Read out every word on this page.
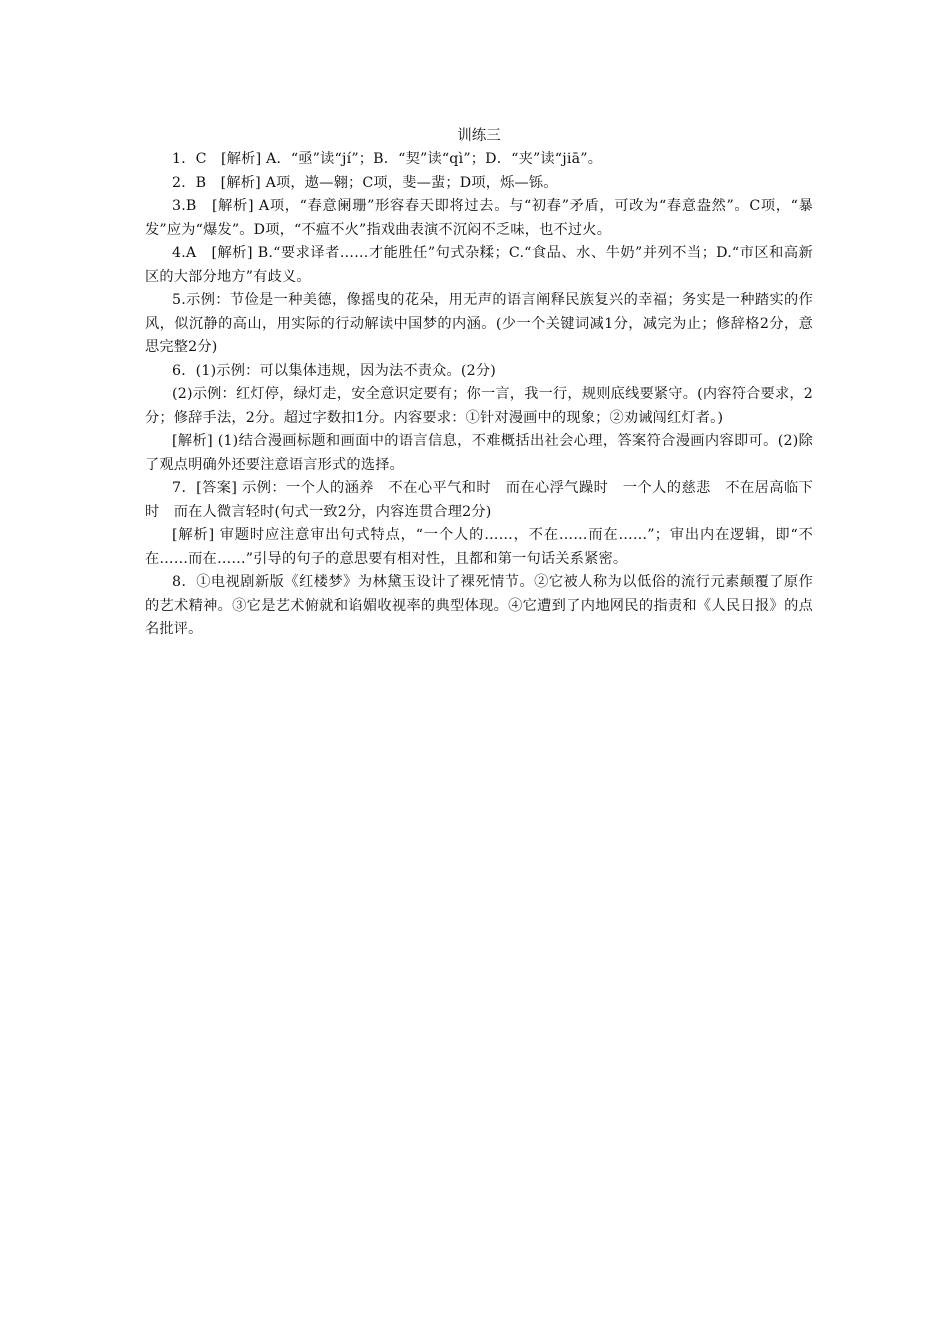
训练三

1．C　[解析] A．“亟”读“jí”；B．“契”读“qì”；D．“夹”读“jiā”。

2．B　[解析] A项，遨—翱；C项，斐—蜚；D项，烁—铄。

3.B　[解析] A项，“春意阑珊”形容春天即将过去。与“初春”矛盾，可改为“春意盎然”。C项，“暴发”应为“爆发”。D项，“不瘟不火”指戏曲表演不沉闷不乏味，也不过火。

4.A　[解析] B.“要求译者……才能胜任”句式杂糅；C.“食品、水、牛奶”并列不当；D.“市区和高新区的大部分地方”有歧义。

5.示例：节俭是一种美德，像摇曳的花朵，用无声的语言阐释民族复兴的幸福；务实是一种踏实的作风，似沉静的高山，用实际的行动解读中国梦的内涵。(少一个关键词减1分，减完为止；修辞格2分，意思完整2分)

6．(1)示例：可以集体违规，因为法不责众。(2分)

(2)示例：红灯停，绿灯走，安全意识定要有；你一言，我一行，规则底线要紧守。(内容符合要求，2分；修辞手法，2分。超过字数扣1分。内容要求：①针对漫画中的现象；②劝诫闯红灯者。)

[解析] (1)结合漫画标题和画面中的语言信息，不难概括出社会心理，答案符合漫画内容即可。(2)除了观点明确外还要注意语言形式的选择。

7．[答案] 示例：一个人的涵养　不在心平气和时　而在心浮气躁时　一个人的慈悲　不在居高临下时　而在人微言轻时(句式一致2分，内容连贯合理2分)

[解析] 审题时应注意审出句式特点，“一个人的……，不在……而在……”；审出内在逻辑，即“不在……而在……”引导的句子的意思要有相对性，且都和第一句话关系紧密。

8．①电视剧新版《红楼梦》为林黛玉设计了裸死情节。②它被人称为以低俗的流行元素颠覆了原作的艺术精神。③它是艺术俯就和谄媚收视率的典型体现。④它遭到了内地网民的指责和《人民日报》的点名批评。
